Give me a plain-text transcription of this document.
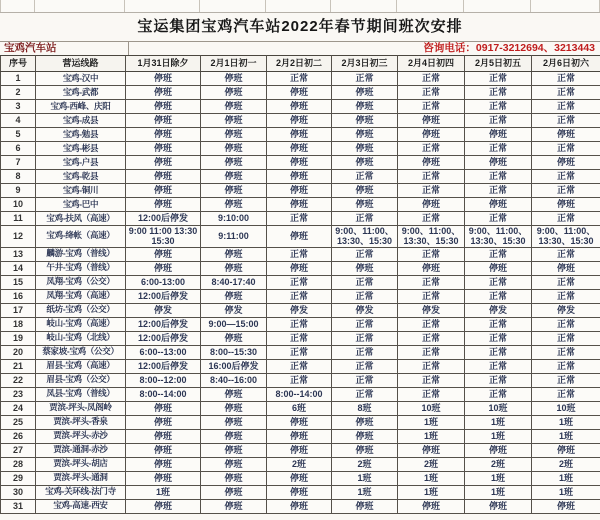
宝运集团宝鸡汽车站2022年春节期间班次安排
宝鸡汽车站	咨询电话：0917-3212694、3213443
序号	营运线路	1月31日除夕	2月1日初一	2月2日初二	2月3日初三	2月4日初四	2月5日初五	2月6日初六
1	宝鸡-汉中	停班	停班	正常	正常	正常	正常	正常
2	宝鸡-武都	停班	停班	停班	停班	正常	正常	正常
3	宝鸡-西峰、庆阳	停班	停班	停班	停班	正常	正常	正常
4	宝鸡-成县	停班	停班	停班	停班	停班	正常	正常
5	宝鸡-勉县	停班	停班	停班	停班	停班	停班	停班
6	宝鸡-彬县	停班	停班	停班	停班	正常	正常	正常
7	宝鸡-户县	停班	停班	停班	停班	停班	停班	停班
8	宝鸡-乾县	停班	停班	停班	正常	正常	正常	正常
9	宝鸡-铜川	停班	停班	停班	停班	正常	正常	正常
10	宝鸡-巴中	停班	停班	停班	停班	停班	停班	停班
11	宝鸡-扶风（高速）	12:00后停发	9:10:00	正常	正常	正常	正常	正常
12	宝鸡-绛帐（高速）	9:00 11:00 13:30 15:30	9:11:00	停班	9:00、11:00、13:30、15:30	9:00、11:00、13:30、15:30	9:00、11:00、13:30、15:30	9:00、11:00、13:30、15:30
13	麟游-宝鸡（普线）	停班	停班	正常	正常	正常	正常	正常
14	午井-宝鸡（普线）	停班	停班	停班	停班	停班	停班	停班
15	凤翔-宝鸡（公交）	6:00-13:00	8:40-17:40	正常	正常	正常	正常	正常
16	凤翔-宝鸡（高速）	12:00后停发	停班	正常	正常	正常	正常	正常
17	纸坊-宝鸡（公交）	停发	停发	停发	停发	停发	停发	停发
18	岐山-宝鸡（高速）	12:00后停发	9:00—15:00	正常	正常	正常	正常	正常
19	岐山-宝鸡（北线）	12:00后停发	停班	正常	正常	正常	正常	正常
20	蔡家坡-宝鸡（公交）	6:00--13:00	8:00--15:30	正常	正常	正常	正常	正常
21	眉县-宝鸡（高速）	12:00后停发	16:00后停发	正常	正常	正常	正常	正常
22	眉县-宝鸡（公交）	8:00--12:00	8:40--16:00	正常	正常	正常	正常	正常
23	凤县-宝鸡（普线）	8:00--14:00	停班	8:00--14:00	正常	正常	正常	正常
24	贾滨-坪头-凤阁岭	停班	停班	6班	8班	10班	10班	10班
25	贾滨-坪头-香泉	停班	停班	停班	停班	1班	1班	1班
26	贾滨-坪头-赤沙	停班	停班	停班	停班	1班	1班	1班
27	贾滨-通洞-赤沙	停班	停班	停班	停班	停班	停班	停班
28	贾滨-坪头-胡店	停班	停班	2班	2班	2班	2班	2班
29	贾滨-坪头-通洞	停班	停班	停班	1班	1班	1班	1班
30	宝鸡-关环线-法门寺	1班	停班	停班	1班	1班	1班	1班
31	宝鸡-高速-西安	停班	停班	停班	停班	停班	停班	停班
